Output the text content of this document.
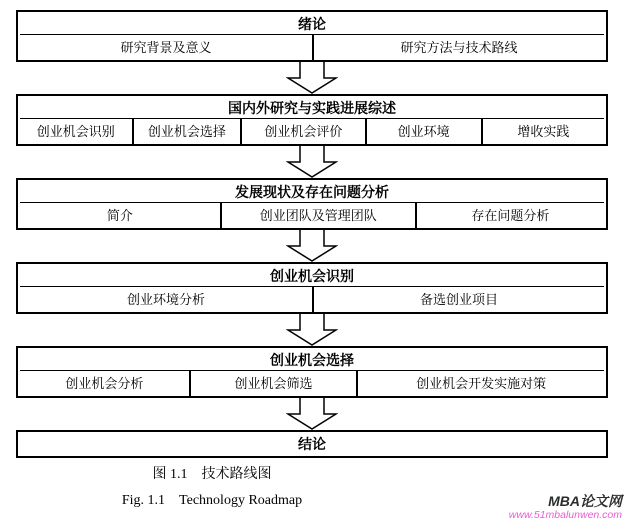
绪论
研究背景及意义	研究方法与技术路线
国内外研究与实践进展综述
创业机会识别	创业机会选择	创业机会评价	创业环境	增收实践
发展现状及存在问题分析
简介	创业团队及管理团队	存在问题分析
创业机会识别
创业环境分析	备选创业项目
创业机会选择
创业机会分析	创业机会筛选	创业机会开发实施对策
结论
图 1.1　技术路线图
Fig. 1.1　Technology Roadmap	MBA论文网
www.51mbalunwen.com
